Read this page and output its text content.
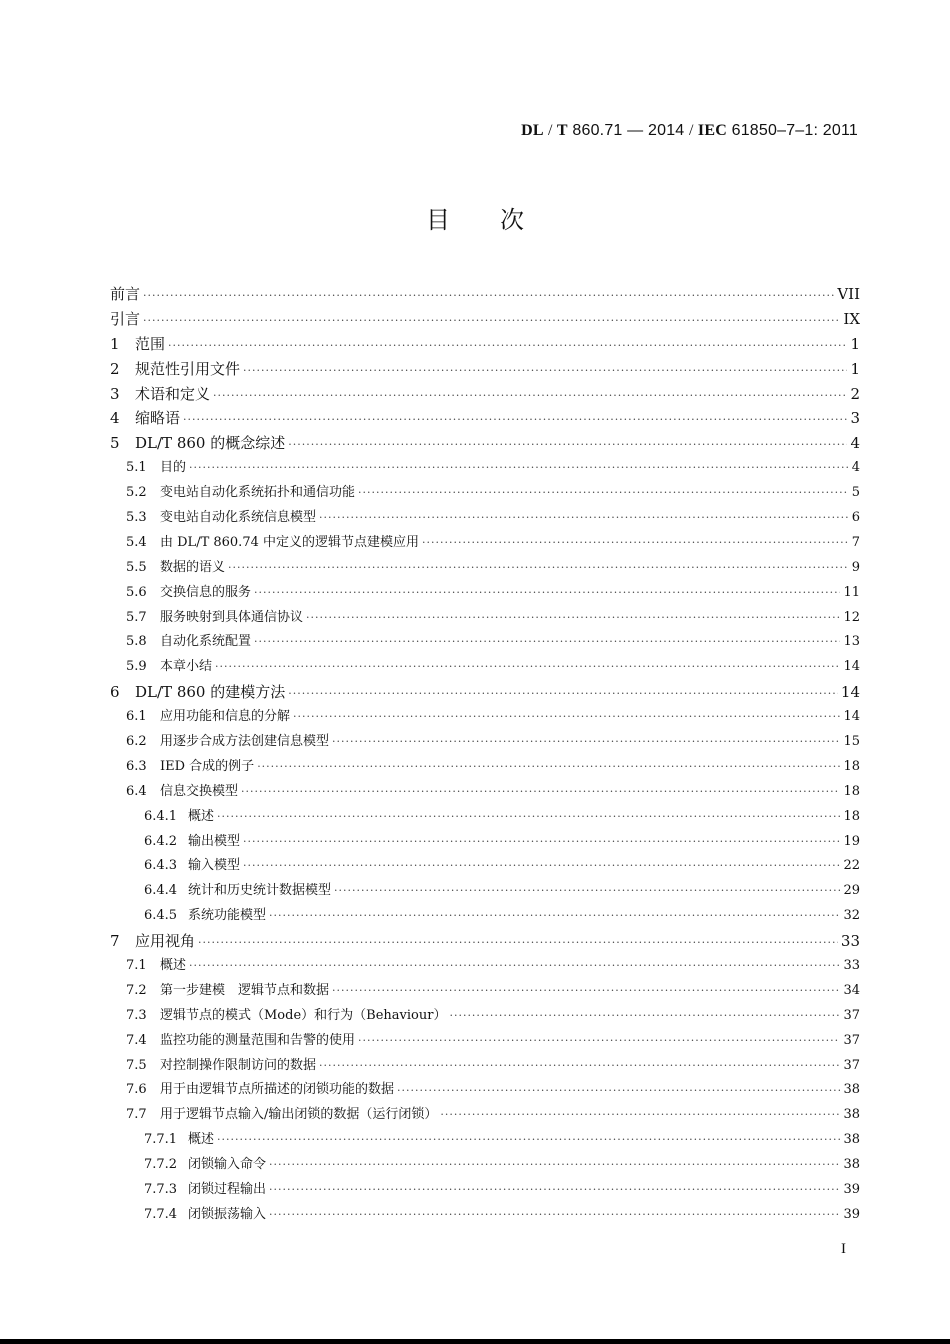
DL / T 860.71 — 2014 / IEC 61850–7–1: 2011
目次
前言 ·····	VII
引言 ·····	IX
1	范围 ·····	1
2	规范性引用文件 ·····	1
3	术语和定义 ·····	2
4	缩略语 ·····	3
5	DL/T 860 的概念综述 ·····	4
5.1	目的 ·····	4
5.2	变电站自动化系统拓扑和通信功能 ·····	5
5.3	变电站自动化系统信息模型 ·····	6
5.4	由 DL/T 860.74 中定义的逻辑节点建模应用 ·····	7
5.5	数据的语义 ·····	9
5.6	交换信息的服务 ·····	11
5.7	服务映射到具体通信协议 ·····	12
5.8	自动化系统配置 ·····	13
5.9	本章小结 ·····	14
6	DL/T 860 的建模方法 ·····	14
6.1	应用功能和信息的分解 ·····	14
6.2	用逐步合成方法创建信息模型 ·····	15
6.3	IED 合成的例子 ·····	18
6.4	信息交换模型 ·····	18
6.4.1 概述 ·····	18
6.4.2 输出模型 ·····	19
6.4.3 输入模型 ·····	22
6.4.4 统计和历史统计数据模型 ·····	29
6.4.5 系统功能模型 ·····	32
7	应用视角 ·····	33
7.1	概述 ·····	33
7.2	第一步建模　逻辑节点和数据 ·····	34
7.3	逻辑节点的模式（Mode）和行为（Behaviour） ·····	37
7.4	监控功能的测量范围和告警的使用 ·····	37
7.5	对控制操作限制访问的数据 ·····	37
7.6	用于由逻辑节点所描述的闭锁功能的数据 ·····	38
7.7	用于逻辑节点输入/输出闭锁的数据（运行闭锁） ·····	38
7.7.1 概述 ·····	38
7.7.2 闭锁输入命令 ·····	38
7.7.3 闭锁过程输出 ·····	39
7.7.4 闭锁振荡输入 ·····	39
I
